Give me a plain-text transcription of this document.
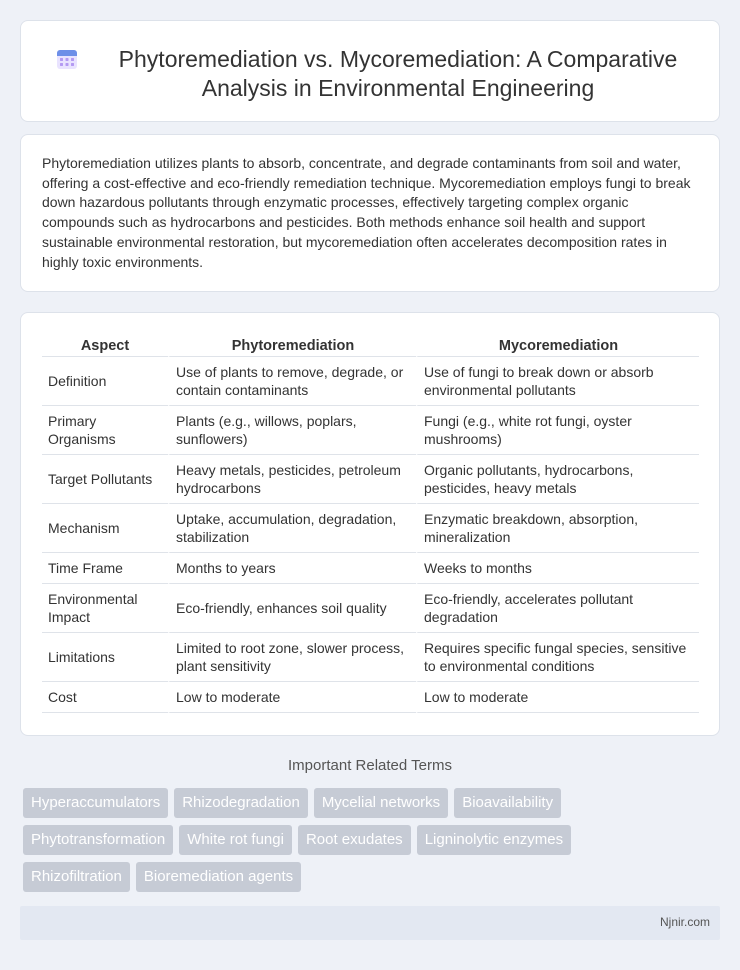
Phytoremediation vs. Mycoremediation: A Comparative Analysis in Environmental Engineering

Phytoremediation utilizes plants to absorb, concentrate, and degrade contaminants from soil and water, offering a cost-effective and eco-friendly remediation technique. Mycoremediation employs fungi to break down hazardous pollutants through enzymatic processes, effectively targeting complex organic compounds such as hydrocarbons and pesticides. Both methods enhance soil health and support sustainable environmental restoration, but mycoremediation often accelerates decomposition rates in highly toxic environments.

Aspect	Phytoremediation	Mycoremediation
Definition	Use of plants to remove, degrade, or contain contaminants	Use of fungi to break down or absorb environmental pollutants
Primary Organisms	Plants (e.g., willows, poplars, sunflowers)	Fungi (e.g., white rot fungi, oyster mushrooms)
Target Pollutants	Heavy metals, pesticides, petroleum hydrocarbons	Organic pollutants, hydrocarbons, pesticides, heavy metals
Mechanism	Uptake, accumulation, degradation, stabilization	Enzymatic breakdown, absorption, mineralization
Time Frame	Months to years	Weeks to months
Environmental Impact	Eco-friendly, enhances soil quality	Eco-friendly, accelerates pollutant degradation
Limitations	Limited to root zone, slower process, plant sensitivity	Requires specific fungal species, sensitive to environmental conditions
Cost	Low to moderate	Low to moderate
Important Related Terms
Hyperaccumulators	Rhizodegradation	Mycelial networks	Bioavailability
Phytotransformation	White rot fungi	Root exudates	Ligninolytic enzymes
Rhizofiltration	Bioremediation agents
Njnir.com
